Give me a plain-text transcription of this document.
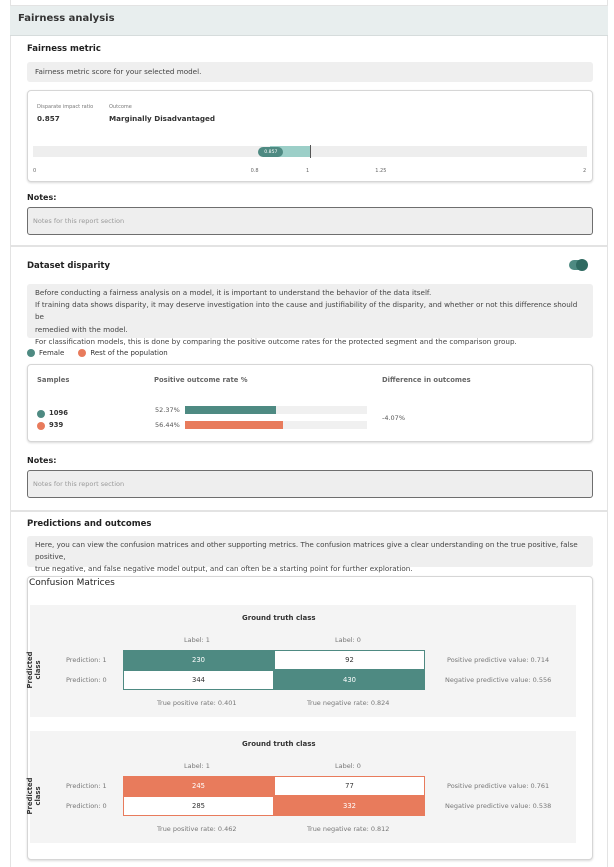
Fairness analysis
Fairness metric
Fairness metric score for your selected model.
Disparate impact ratio
0.857
Outcome
Marginally Disadvantaged
0.857
0	0.8	1	1.25	2
Notes:
Notes for this report section
Dataset disparity
Before conducting a fairness analysis on a model, it is important to understand the behavior of the data itself.
If training data shows disparity, it may deserve investigation into the cause and justifiability of the disparity, and whether or not this difference should be
remedied with the model.
For classification models, this is done by comparing the positive outcome rates for the protected segment and the comparison group.
Female	Rest of the population
Samples	Positive outcome rate %	Difference in outcomes
1096	52.37%
939	56.44%
-4.07%
Notes:
Notes for this report section
Predictions and outcomes
Here, you can view the confusion matrices and other supporting metrics. The confusion matrices give a clear understanding on the true positive, false positive,
true negative, and false negative model output, and can often be a starting point for further exploration.
Confusion Matrices
Ground truth class
Label: 1	Label: 0
Predicted
class
Prediction: 1
Prediction: 0
230	92
344	430
Positive predictive value: 0.714
Negative predictive value: 0.556
True positive rate: 0.401	True negative rate: 0.824
Ground truth class
Label: 1	Label: 0
Predicted
class
Prediction: 1
Prediction: 0
245	77
285	332
Positive predictive value: 0.761
Negative predictive value: 0.538
True positive rate: 0.462	True negative rate: 0.812
